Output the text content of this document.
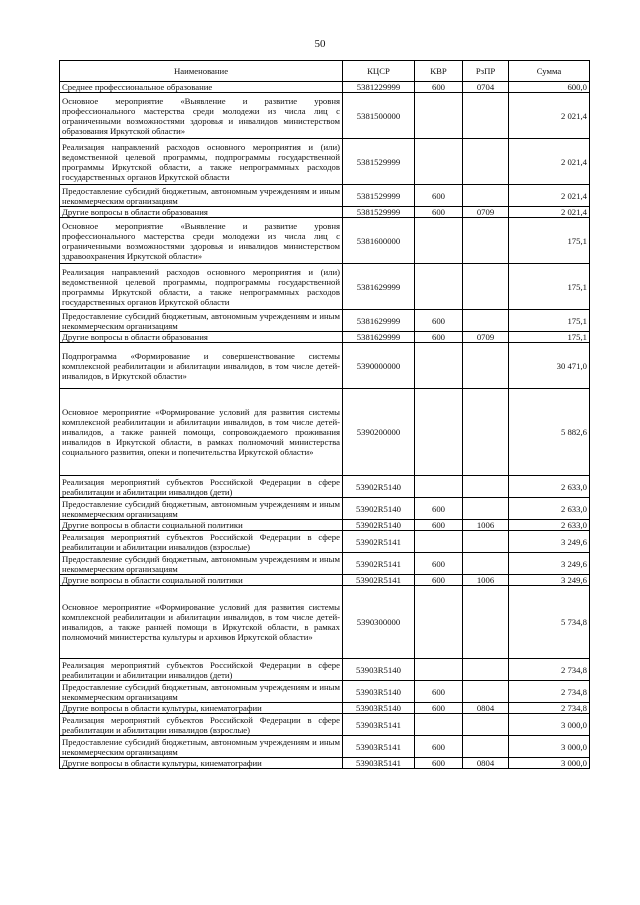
50
Наименование	КЦСР	КВР	РзПР	Сумма
Среднее профессиональное образование	5381229999	600	0704	600,0
Основное мероприятие «Выявление и развитие уровня профессионального мастерства среди молодежи из числа лиц с ограниченными возможностями здоровья и инвалидов министерством образования Иркутской области»	5381500000			2 021,4
Реализация направлений расходов основного мероприятия и (или) ведомственной целевой программы, подпрограммы государственной программы Иркутской области, а также непрограммных расходов государственных органов Иркутской области	5381529999			2 021,4
Предоставление субсидий бюджетным, автономным учреждениям и иным некоммерческим организациям	5381529999	600		2 021,4
Другие вопросы в области образования	5381529999	600	0709	2 021,4
Основное мероприятие «Выявление и развитие уровня профессионального мастерства среди молодежи из числа лиц с ограниченными возможностями здоровья и инвалидов министерством здравоохранения Иркутской области»	5381600000			175,1
Реализация направлений расходов основного мероприятия и (или) ведомственной целевой программы, подпрограммы государственной программы Иркутской области, а также непрограммных расходов государственных органов Иркутской области	5381629999			175,1
Предоставление субсидий бюджетным, автономным учреждениям и иным некоммерческим организациям	5381629999	600		175,1
Другие вопросы в области образования	5381629999	600	0709	175,1
Подпрограмма «Формирование и совершенствование системы комплексной реабилитации и абилитации инвалидов, в том числе детей-инвалидов, в Иркутской области»	5390000000			30 471,0
Основное мероприятие «Формирование условий для развития системы комплексной реабилитации и абилитации инвалидов, в том числе детей-инвалидов, а также ранней помощи, сопровождаемого проживания инвалидов в Иркутской области, в рамках полномочий министерства социального развития, опеки и попечительства Иркутской области»	5390200000			5 882,6
Реализация мероприятий субъектов Российской Федерации в сфере реабилитации и абилитации инвалидов (дети)	53902R5140			2 633,0
Предоставление субсидий бюджетным, автономным учреждениям и иным некоммерческим организациям	53902R5140	600		2 633,0
Другие вопросы в области социальной политики	53902R5140	600	1006	2 633,0
Реализация мероприятий субъектов Российской Федерации в сфере реабилитации и абилитации инвалидов (взрослые)	53902R5141			3 249,6
Предоставление субсидий бюджетным, автономным учреждениям и иным некоммерческим организациям	53902R5141	600		3 249,6
Другие вопросы в области социальной политики	53902R5141	600	1006	3 249,6
Основное мероприятие «Формирование условий для развития системы комплексной реабилитации и абилитации инвалидов, в том числе детей-инвалидов, а также ранней помощи в Иркутской области, в рамках полномочий министерства культуры и архивов Иркутской области»	5390300000			5 734,8
Реализация мероприятий субъектов Российской Федерации в сфере реабилитации и абилитации инвалидов (дети)	53903R5140			2 734,8
Предоставление субсидий бюджетным, автономным учреждениям и иным некоммерческим организациям	53903R5140	600		2 734,8
Другие вопросы в области культуры, кинематографии	53903R5140	600	0804	2 734,8
Реализация мероприятий субъектов Российской Федерации в сфере реабилитации и абилитации инвалидов (взрослые)	53903R5141			3 000,0
Предоставление субсидий бюджетным, автономным учреждениям и иным некоммерческим организациям	53903R5141	600		3 000,0
Другие вопросы в области культуры, кинематографии	53903R5141	600	0804	3 000,0
